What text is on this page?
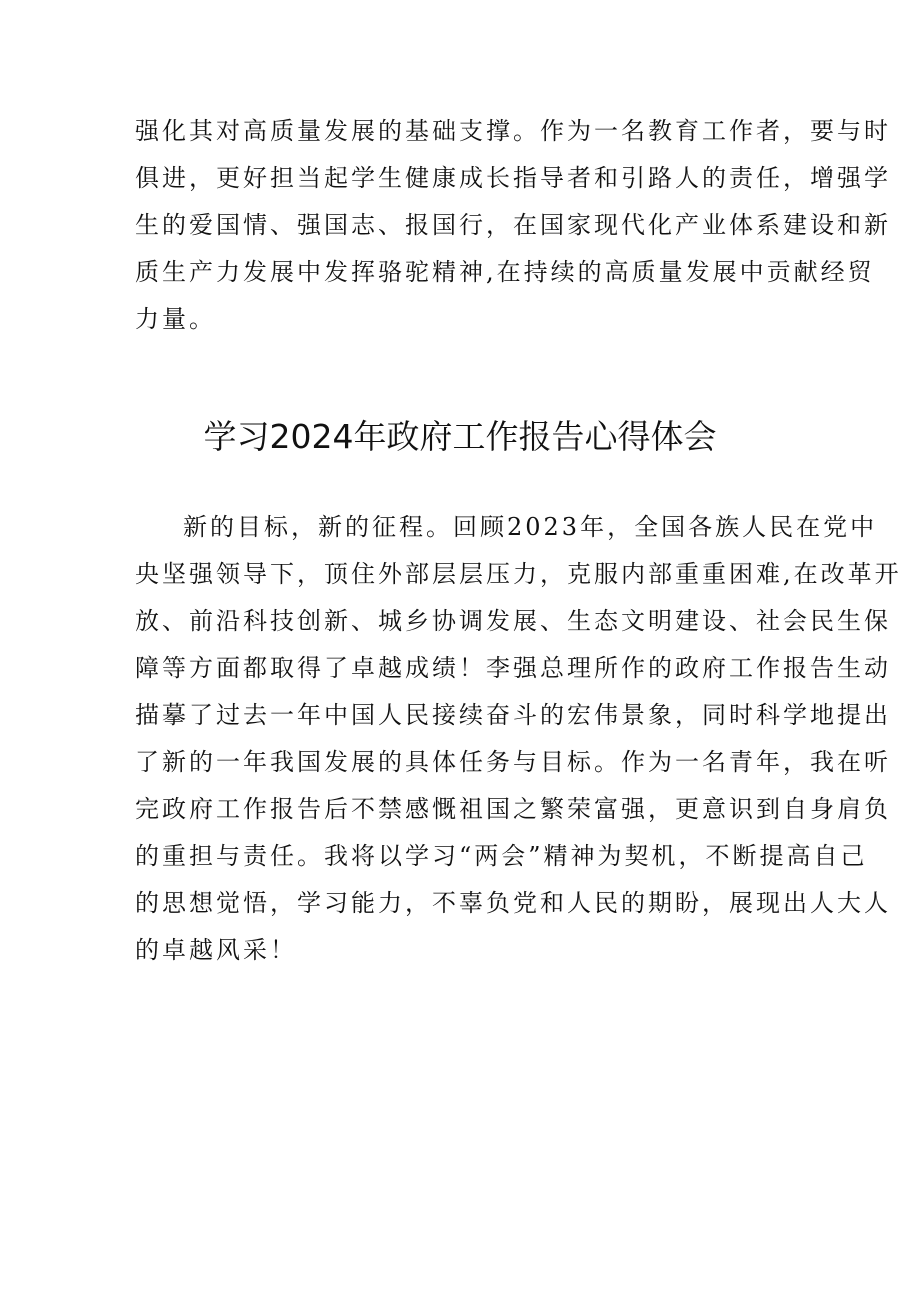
强化其对高质量发展的基础支撑。作为一名教育工作者，要与时
俱进，更好担当起学生健康成长指导者和引路人的责任，增强学
生的爱国情、强国志、报国行，在国家现代化产业体系建设和新
质生产力发展中发挥骆驼精神,在持续的高质量发展中贡献经贸
力量。
学习2024年政府工作报告心得体会
新的目标，新的征程。回顾2023年，全国各族人民在党中
央坚强领导下，顶住外部层层压力，克服内部重重困难,在改革开
放、前沿科技创新、城乡协调发展、生态文明建设、社会民生保
障等方面都取得了卓越成绩！李强总理所作的政府工作报告生动
描摹了过去一年中国人民接续奋斗的宏伟景象，同时科学地提出
了新的一年我国发展的具体任务与目标。作为一名青年，我在听
完政府工作报告后不禁感慨祖国之繁荣富强，更意识到自身肩负
的重担与责任。我将以学习“两会”精神为契机，不断提高自己
的思想觉悟，学习能力，不辜负党和人民的期盼，展现出人大人
的卓越风采！
